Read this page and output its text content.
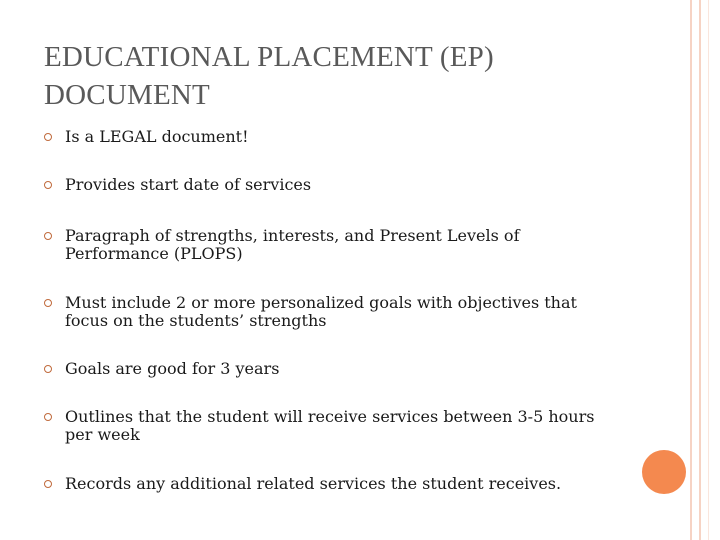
EDUCATIONAL PLACEMENT (EP) DOCUMENT
Is a LEGAL document!
Provides start date of services
Paragraph of strengths, interests, and Present Levels of Performance (PLOPS)
Must include 2 or more personalized goals with objectives that focus on the students’ strengths
Goals are good for 3 years
Outlines that the student will receive services between 3-5 hours per week
Records any additional related services the student receives.
